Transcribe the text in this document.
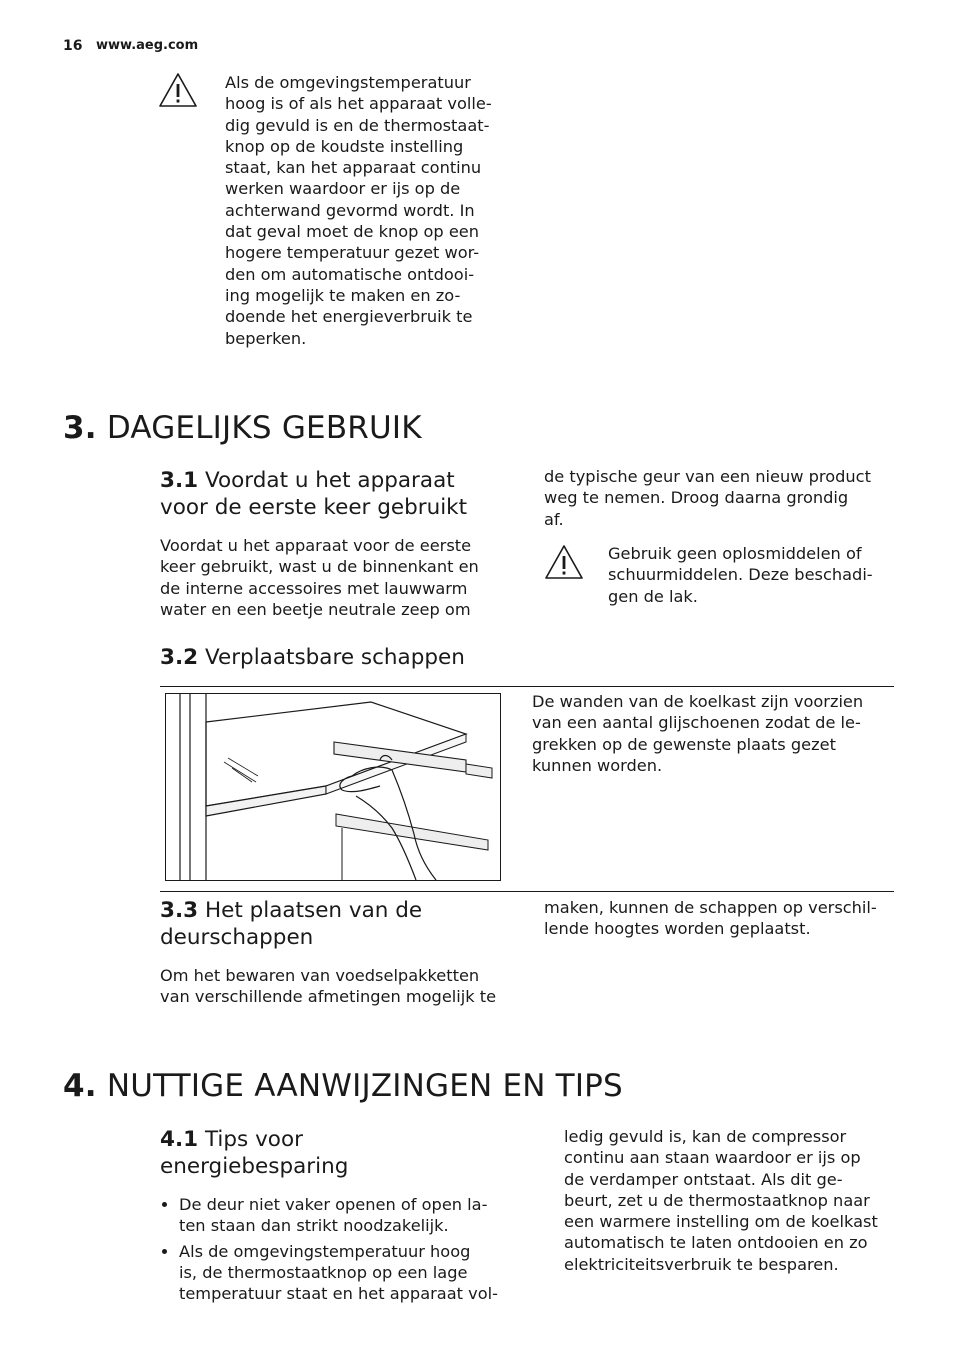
16 www.aeg.com
Als de omgevingstemperatuur
hoog is of als het apparaat volle-
dig gevuld is en de thermostaat-
knop op de koudste instelling
staat, kan het apparaat continu
werken waardoor er ijs op de
achterwand gevormd wordt. In
dat geval moet de knop op een
hogere temperatuur gezet wor-
den om automatische ontdooi-
ing mogelijk te maken en zo-
doende het energieverbruik te
beperken.
3. DAGELIJKS GEBRUIK
3.1 Voordat u het apparaat
voor de eerste keer gebruikt
Voordat u het apparaat voor de eerste
keer gebruikt, wast u de binnenkant en
de interne accessoires met lauwwarm
water en een beetje neutrale zeep om
de typische geur van een nieuw product
weg te nemen. Droog daarna grondig
af.
Gebruik geen oplosmiddelen of
schuurmiddelen. Deze beschadi-
gen de lak.
3.2 Verplaatsbare schappen
De wanden van de koelkast zijn voorzien
van een aantal glijschoenen zodat de le-
grekken op de gewenste plaats gezet
kunnen worden.
3.3 Het plaatsen van de
deurschappen
Om het bewaren van voedselpakketten
van verschillende afmetingen mogelijk te
maken, kunnen de schappen op verschil-
lende hoogtes worden geplaatst.
4. NUTTIGE AANWIJZINGEN EN TIPS
4.1 Tips voor
energiebesparing
De deur niet vaker openen of open la-
ten staan dan strikt noodzakelijk.
Als de omgevingstemperatuur hoog
is, de thermostaatknop op een lage
temperatuur staat en het apparaat vol-
ledig gevuld is, kan de compressor
continu aan staan waardoor er ijs op
de verdamper ontstaat. Als dit ge-
beurt, zet u de thermostaatknop naar
een warmere instelling om de koelkast
automatisch te laten ontdooien en zo
elektriciteitsverbruik te besparen.
